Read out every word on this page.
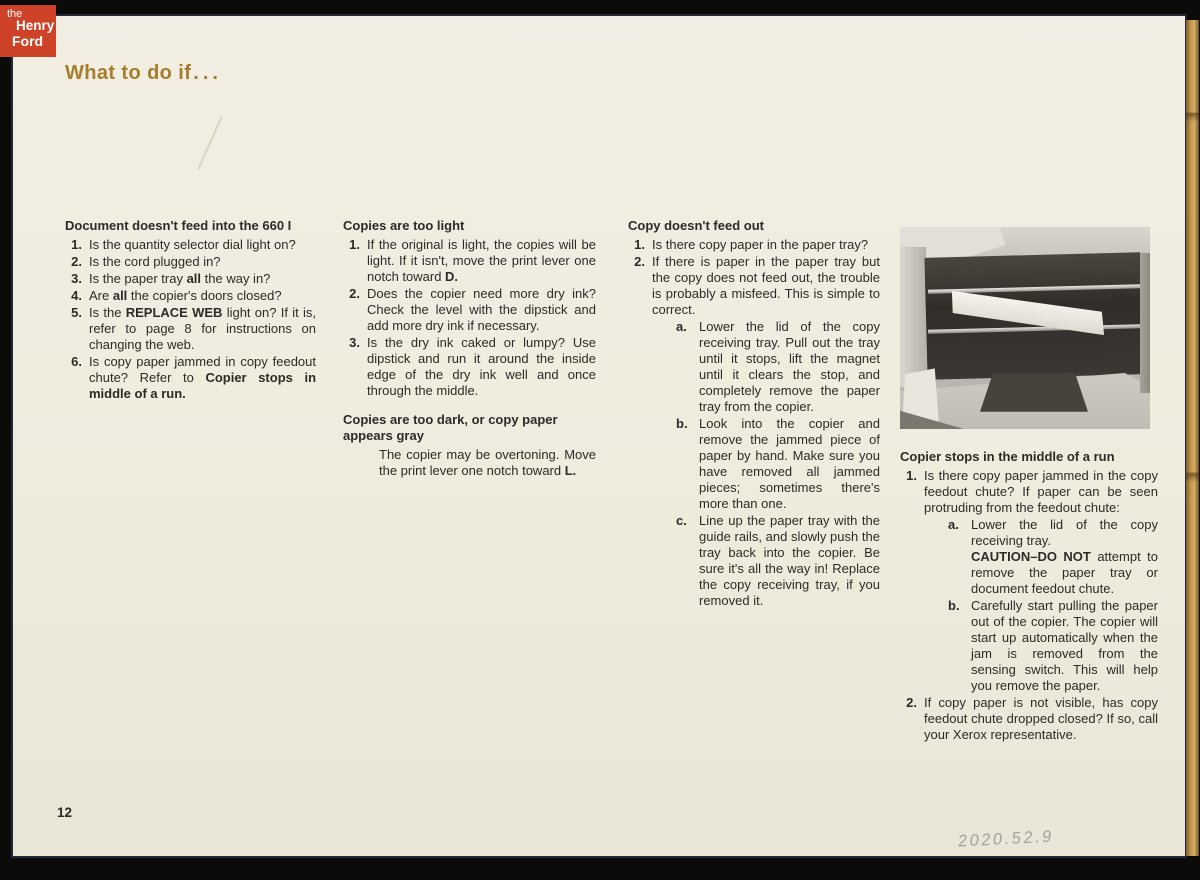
the
Henry
Ford
What to do if ...
Document doesn't feed into the 660 I
1. Is the quantity selector dial light on?
2. Is the cord plugged in?
3. Is the paper tray all the way in?
4. Are all the copier's doors closed?
5. Is the REPLACE WEB light on? If it is, refer to page 8 for instructions on changing the web.
6. Is copy paper jammed in copy feedout chute? Refer to Copier stops in middle of a run.
Copies are too light
1. If the original is light, the copies will be light. If it isn't, move the print lever one notch toward D.
2. Does the copier need more dry ink? Check the level with the dipstick and add more dry ink if necessary.
3. Is the dry ink caked or lumpy? Use dipstick and run it around the inside edge of the dry ink well and once through the middle.
Copies are too dark, or copy paper appears gray
The copier may be overtoning. Move the print lever one notch toward L.
Copy doesn't feed out
1. Is there copy paper in the paper tray?
2. If there is paper in the paper tray but the copy does not feed out, the trouble is probably a misfeed. This is simple to correct.
a. Lower the lid of the copy receiving tray. Pull out the tray until it stops, lift the magnet until it clears the stop, and completely remove the paper tray from the copier.
b. Look into the copier and remove the jammed piece of paper by hand. Make sure you have removed all jammed pieces; sometimes there's more than one.
c. Line up the paper tray with the guide rails, and slowly push the tray back into the copier. Be sure it's all the way in! Replace the copy receiving tray, if you removed it.
Copier stops in the middle of a run
1. Is there copy paper jammed in the copy feedout chute? If paper can be seen protruding from the feedout chute:
a. Lower the lid of the copy receiving tray.
CAUTION–DO NOT attempt to remove the paper tray or document feedout chute.
b. Carefully start pulling the paper out of the copier. The copier will start up automatically when the jam is removed from the sensing switch. This will help you remove the paper.
2. If copy paper is not visible, has copy feedout chute dropped closed? If so, call your Xerox representative.
12
2020.52.9
